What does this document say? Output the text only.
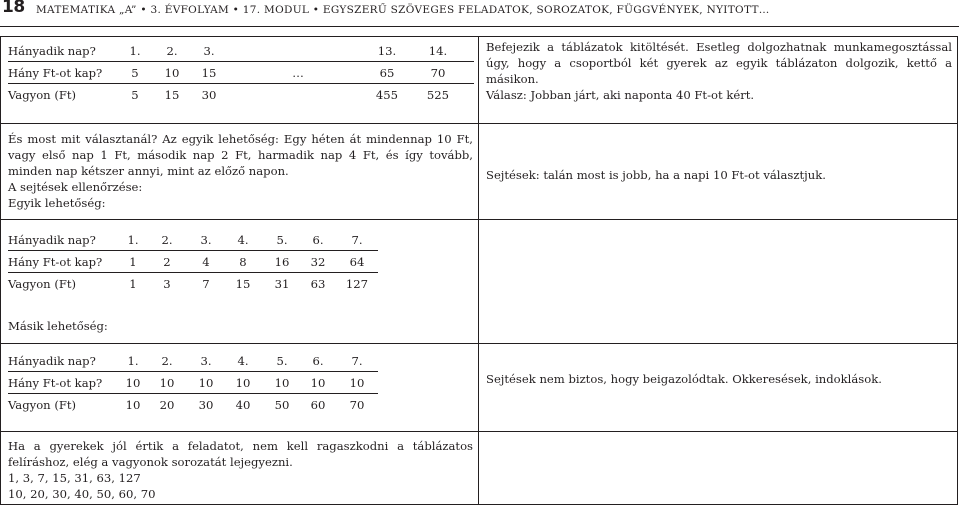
18 MATEMATIKA „A” • 3. ÉVFOLYAM • 17. MODUL • EGYSZERŰ SZÖVEGES FELADATOK, SOROZATOK, FÜGGVÉNYEK, NYITOTT…
Hányadik nap?	1.	2.	3.		13.	14.
Hány Ft-ot kap?	5	10	15	…	65	70
Vagyon (Ft)	5	15	30		455	525
Befejezik a táblázatok kitöltését. Esetleg dolgozhatnak munkamegosztással úgy, hogy a csoportból két gyerek az egyik táblázaton dolgozik, kettő a másikon.
Válasz: Jobban járt, aki naponta 40 Ft-ot kért.
És most mit választanál? Az egyik lehetőség: Egy héten át mindennap 10 Ft, vagy első nap 1 Ft, második nap 2 Ft, harmadik nap 4 Ft, és így tovább, minden nap kétszer annyi, mint az előző napon.
A sejtések ellenőrzése:
Egyik lehetőség:
Sejtések: talán most is jobb, ha a napi 10 Ft-ot választjuk.
Hányadik nap?	1.	2.	3.	4.	5.	6.	7.
Hány Ft-ot kap?	1	2	4	8	16	32	64
Vagyon (Ft)	1	3	7	15	31	63	127
Másik lehetőség:
Hányadik nap?	1.	2.	3.	4.	5.	6.	7.
Hány Ft-ot kap?	10	10	10	10	10	10	10
Vagyon (Ft)	10	20	30	40	50	60	70
Sejtések nem biztos, hogy beigazolódtak. Okkeresések, indoklások.
Ha a gyerekek jól értik a feladatot, nem kell ragaszkodni a táblázatos felíráshoz, elég a vagyonok sorozatát lejegyezni.
1, 3, 7, 15, 31, 63, 127
10, 20, 30, 40, 50, 60, 70
